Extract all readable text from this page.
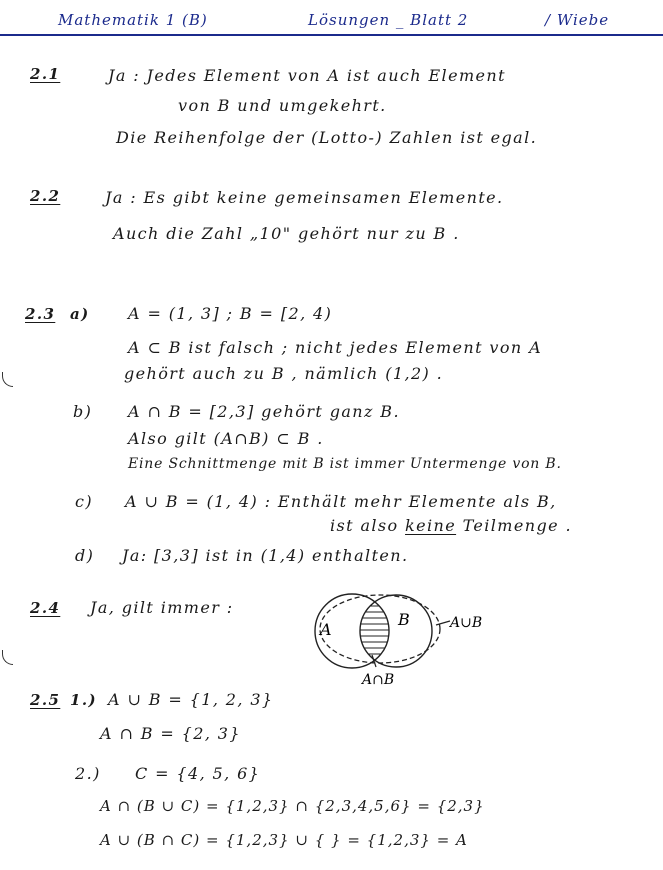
Mathematik 1 (B)	Lösungen _ Blatt 2	/ Wiebe
2.1	Ja : Jedes Element von A ist auch Element
von B und umgekehrt.
Die Reihenfolge der (Lotto-) Zahlen ist egal.
2.2	Ja : Es gibt keine gemeinsamen Elemente.
Auch die Zahl „10" gehört nur zu B .
2.3 a) A = (1, 3] ; B = [2, 4)
A ⊂ B ist falsch ; nicht jedes Element von A
gehört auch zu B , nämlich (1,2) .
b) A ∩ B = [2,3] gehört ganz B.
Also gilt (A∩B) ⊂ B .
Eine Schnittmenge mit B ist immer Untermenge von B.
c) A ∪ B = (1, 4) : Enthält mehr Elemente als B,
ist also keine Teilmenge .
d) Ja: [3,3] ist in (1,4) enthalten.
2.4 Ja, gilt immer :
A
B	A∪B
A∩B
2.5 1.) A ∪ B = {1, 2, 3}
A ∩ B = {2, 3}
2.) C = {4, 5, 6}
A ∩ (B ∪ C) = {1,2,3} ∩ {2,3,4,5,6} = {2,3}
A ∪ (B ∩ C) = {1,2,3} ∪ { } = {1,2,3} = A
